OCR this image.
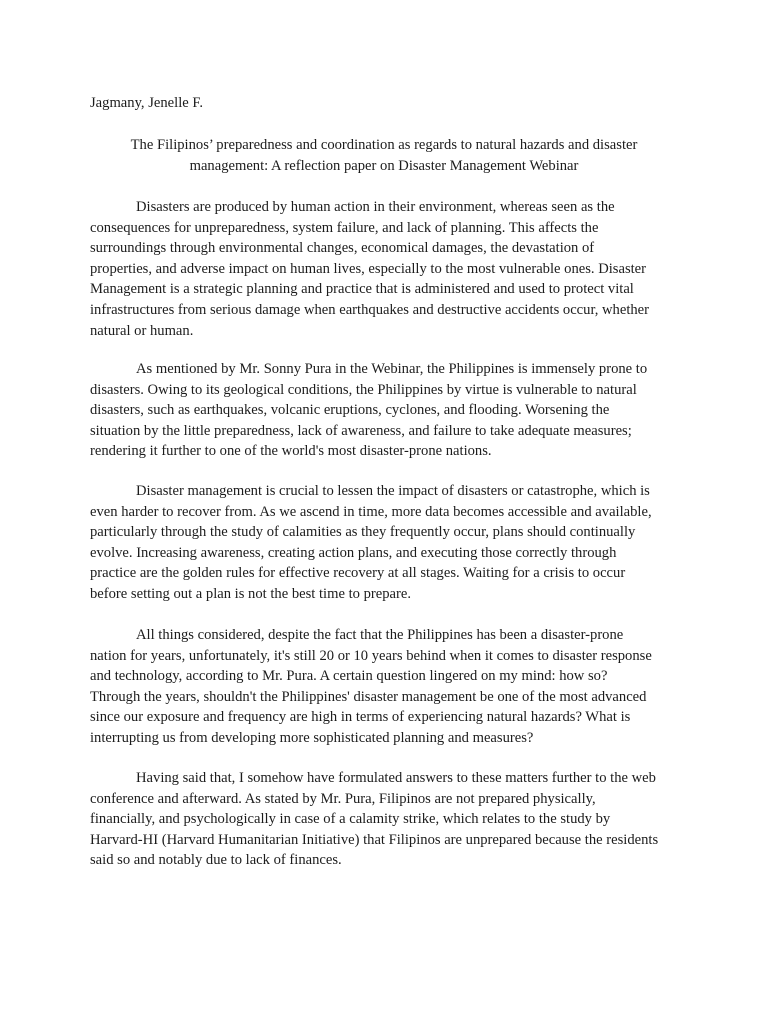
Jagmany, Jenelle F.
The Filipinos’ preparedness and coordination as regards to natural hazards and disaster
management: A reflection paper on Disaster Management Webinar

Disasters are produced by human action in their environment, whereas seen as the
consequences for unpreparedness, system failure, and lack of planning. This affects the
surroundings through environmental changes, economical damages, the devastation of
properties, and adverse impact on human lives, especially to the most vulnerable ones. Disaster
Management is a strategic planning and practice that is administered and used to protect vital
infrastructures from serious damage when earthquakes and destructive accidents occur, whether
natural or human.

As mentioned by Mr. Sonny Pura in the Webinar, the Philippines is immensely prone to
disasters. Owing to its geological conditions, the Philippines by virtue is vulnerable to natural
disasters, such as earthquakes, volcanic eruptions, cyclones, and flooding. Worsening the
situation by the little preparedness, lack of awareness, and failure to take adequate measures;
rendering it further to one of the world's most disaster-prone nations.

Disaster management is crucial to lessen the impact of disasters or catastrophe, which is
even harder to recover from. As we ascend in time, more data becomes accessible and available,
particularly through the study of calamities as they frequently occur, plans should continually
evolve. Increasing awareness, creating action plans, and executing those correctly through
practice are the golden rules for effective recovery at all stages. Waiting for a crisis to occur
before setting out a plan is not the best time to prepare.

All things considered, despite the fact that the Philippines has been a disaster-prone
nation for years, unfortunately, it's still 20 or 10 years behind when it comes to disaster response
and technology, according to Mr. Pura. A certain question lingered on my mind: how so?
Through the years, shouldn't the Philippines' disaster management be one of the most advanced
since our exposure and frequency are high in terms of experiencing natural hazards? What is
interrupting us from developing more sophisticated planning and measures?

Having said that, I somehow have formulated answers to these matters further to the web
conference and afterward. As stated by Mr. Pura, Filipinos are not prepared physically,
financially, and psychologically in case of a calamity strike, which relates to the study by
Harvard-HI (Harvard Humanitarian Initiative) that Filipinos are unprepared because the residents
said so and notably due to lack of finances.
